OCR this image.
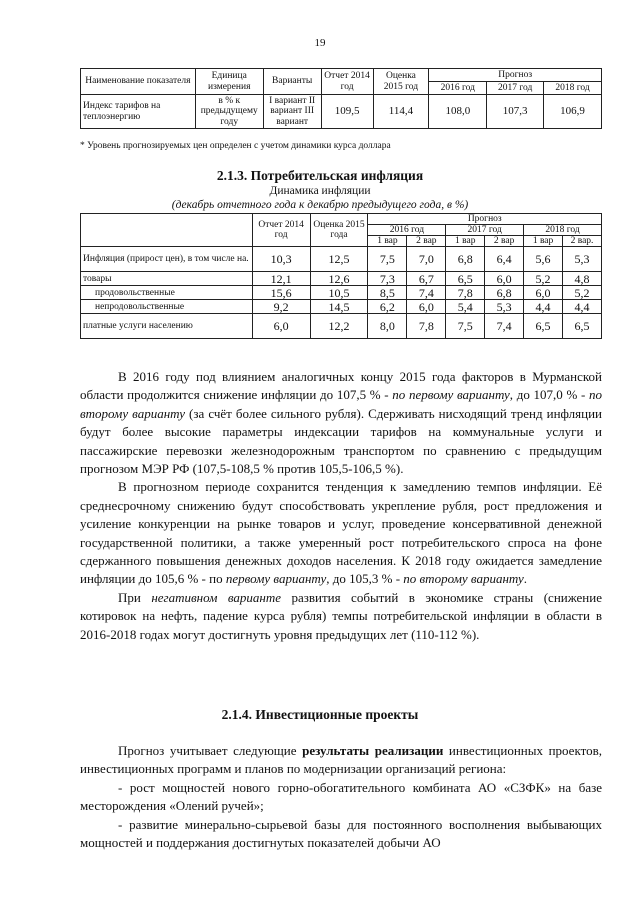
19
Наименование показателя	Единица измерения	Варианты	Отчет 2014 год	Оценка 2015 год	Прогноз		
					2016 год	2017 год	2018 год
Индекс тарифов на теплоэнергию	в % к предыдущему году	I вариант II вариант III вариант	109,5	114,4	108,0	107,3	106,9
* Уровень прогнозируемых цен определен с учетом динамики курса доллара
2.1.3. Потребительская инфляция
Динамика инфляции
(декабрь отчетного года к декабрю предыдущего года, в %)
	Отчет 2014 год	Оценка 2015 года	Прогноз					
			2016 год		2017 год		2018 год	
			1 вар	2 вар	1 вар	2 вар	1 вар	2 вар.
Инфляция (прирост цен), в том числе на.	10,3	12,5	7,5	7,0	6,8	6,4	5,6	5,3
товары	12,1	12,6	7,3	6,7	6,5	6,0	5,2	4,8
продовольственные	15,6	10,5	8,5	7,4	7,8	6,8	6,0	5,2
непродовольственные	9,2	14,5	6,2	6,0	5,4	5,3	4,4	4,4
платные услуги населению	6,0	12,2	8,0	7,8	7,5	7,4	6,5	6,5

В 2016 году под влиянием аналогичных концу 2015 года факторов в Мурманской области продолжится снижение инфляции до 107,5 % - по первому варианту, до 107,0 % - по второму варианту (за счёт более сильного рубля). Сдерживать нисходящий тренд инфляции будут более высокие параметры индексации тарифов на коммунальные услуги и пассажирские перевозки железнодорожным транспортом по сравнению с предыдущим прогнозом МЭР РФ (107,5-108,5 % против 105,5-106,5 %).

В прогнозном периоде сохранится тенденция к замедлению темпов инфляции. Её среднесрочному снижению будут способствовать укрепление рубля, рост предложения и усиление конкуренции на рынке товаров и услуг, проведение консервативной денежной государственной политики, а также умеренный рост потребительского спроса на фоне сдержанного повышения денежных доходов населения. К 2018 году ожидается замедление инфляции до 105,6 % - по первому варианту, до 105,3 % - по второму варианту.

При негативном варианте развития событий в экономике страны (снижение котировок на нефть, падение курса рубля) темпы потребительской инфляции в области в 2016-2018 годах могут достигнуть уровня предыдущих лет (110-112 %).

2.1.4. Инвестиционные проекты

Прогноз учитывает следующие результаты реализации инвестиционных проектов, инвестиционных программ и планов по модернизации организаций региона:

- рост мощностей нового горно-обогатительного комбината АО «СЗФК» на базе месторождения «Олений ручей»;

- развитие минерально-сырьевой базы для постоянного восполнения выбывающих мощностей и поддержания достигнутых показателей добычи АО
